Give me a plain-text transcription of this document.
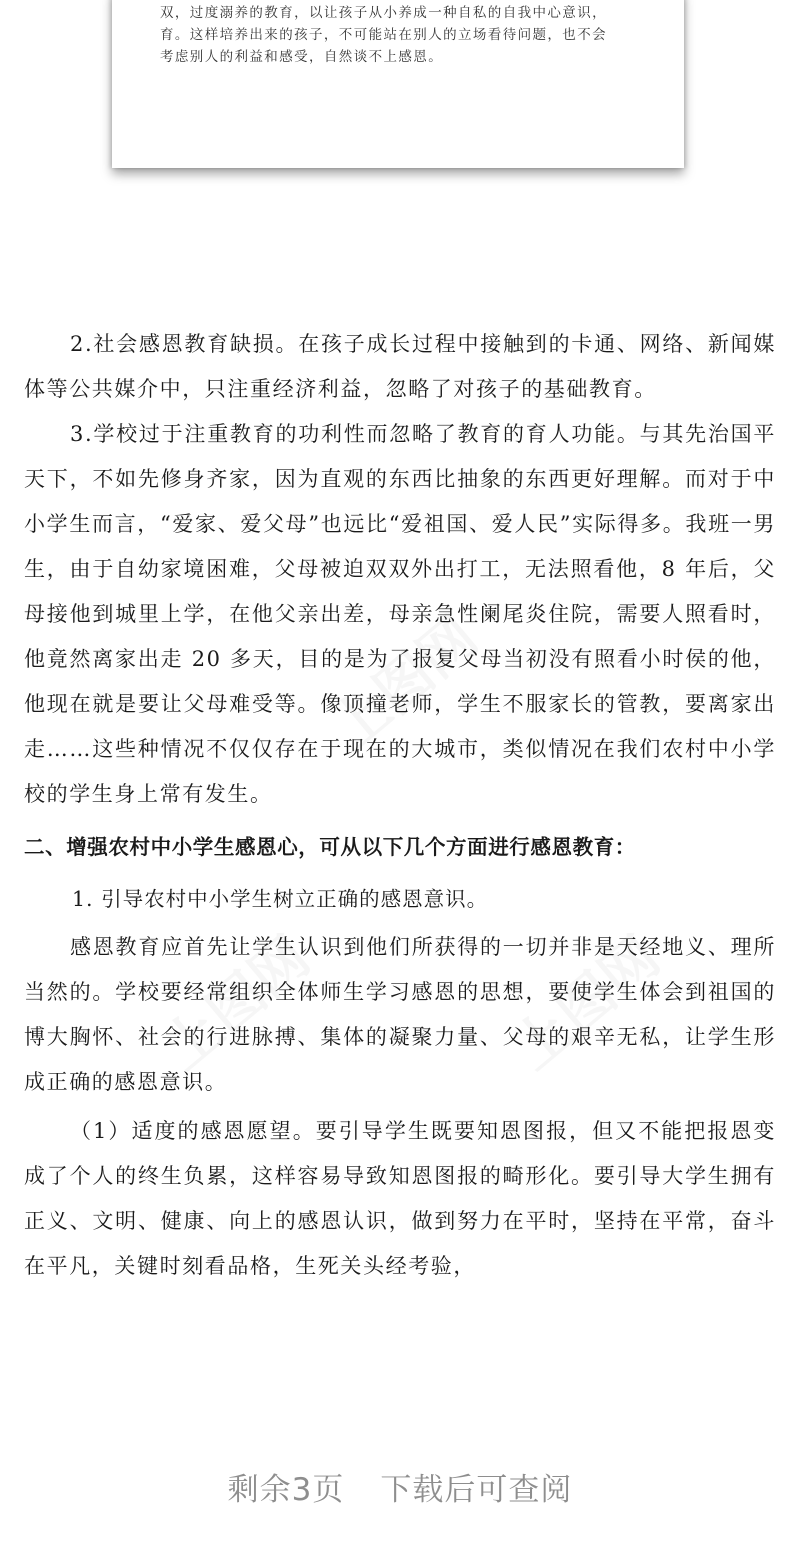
双，过度溺养的教育，以让孩子从小养成一种自私的自我中心意识，
育。这样培养出来的孩子，不可能站在别人的立场看待问题，也不会
考虑别人的利益和感受，自然谈不上感恩。

2.社会感恩教育缺损。在孩子成长过程中接触到的卡通、网络、新闻媒体等公共媒介中，只注重经济利益，忽略了对孩子的基础教育。

3.学校过于注重教育的功利性而忽略了教育的育人功能。与其先治国平天下，不如先修身齐家，因为直观的东西比抽象的东西更好理解。而对于中小学生而言，“爱家、爱父母”也远比“爱祖国、爱人民”实际得多。我班一男生，由于自幼家境困难，父母被迫双双外出打工，无法照看他，8 年后，父母接他到城里上学，在他父亲出差，母亲急性阑尾炎住院，需要人照看时，他竟然离家出走 20 多天，目的是为了报复父母当初没有照看小时侯的他，他现在就是要让父母难受等。像顶撞老师，学生不服家长的管教，要离家出走……这些种情况不仅仅存在于现在的大城市，类似情况在我们农村中小学校的学生身上常有发生。

二、增强农村中小学生感恩心，可从以下几个方面进行感恩教育：
1. 引导农村中小学生树立正确的感恩意识。

感恩教育应首先让学生认识到他们所获得的一切并非是天经地义、理所当然的。学校要经常组织全体师生学习感恩的思想，要使学生体会到祖国的博大胸怀、社会的行进脉搏、集体的凝聚力量、父母的艰辛无私，让学生形成正确的感恩意识。

（1）适度的感恩愿望。要引导学生既要知恩图报，但又不能把报恩变成了个人的终生负累，这样容易导致知恩图报的畸形化。要引导大学生拥有正义、文明、健康、向上的感恩认识，做到努力在平时，坚持在平常，奋斗在平凡，关键时刻看品格，生死关头经考验，

剩余3页 下载后可查阅
